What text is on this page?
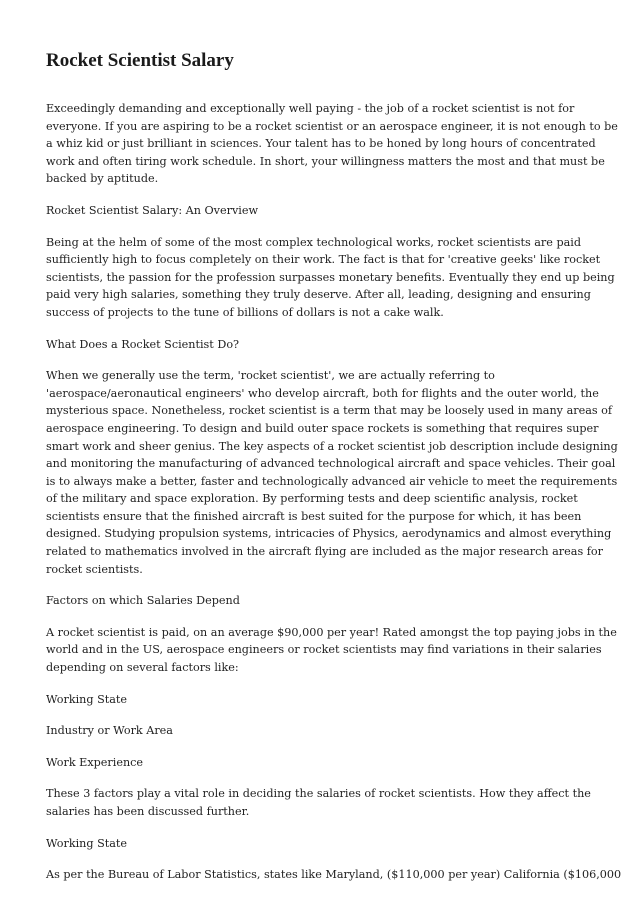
Rocket Scientist Salary

Exceedingly demanding and exceptionally well paying - the job of a rocket scientist is not for
everyone. If you are aspiring to be a rocket scientist or an aerospace engineer, it is not enough to be
a whiz kid or just brilliant in sciences. Your talent has to be honed by long hours of concentrated
work and often tiring work schedule. In short, your willingness matters the most and that must be
backed by aptitude.

Rocket Scientist Salary: An Overview

Being at the helm of some of the most complex technological works, rocket scientists are paid
sufficiently high to focus completely on their work. The fact is that for 'creative geeks' like rocket
scientists, the passion for the profession surpasses monetary benefits. Eventually they end up being
paid very high salaries, something they truly deserve. After all, leading, designing and ensuring
success of projects to the tune of billions of dollars is not a cake walk.

What Does a Rocket Scientist Do?

When we generally use the term, 'rocket scientist', we are actually referring to
'aerospace/aeronautical engineers' who develop aircraft, both for flights and the outer world, the
mysterious space. Nonetheless, rocket scientist is a term that may be loosely used in many areas of
aerospace engineering. To design and build outer space rockets is something that requires super
smart work and sheer genius. The key aspects of a rocket scientist job description include designing
and monitoring the manufacturing of advanced technological aircraft and space vehicles. Their goal
is to always make a better, faster and technologically advanced air vehicle to meet the requirements
of the military and space exploration. By performing tests and deep scientific analysis, rocket
scientists ensure that the finished aircraft is best suited for the purpose for which, it has been
designed. Studying propulsion systems, intricacies of Physics, aerodynamics and almost everything
related to mathematics involved in the aircraft flying are included as the major research areas for
rocket scientists.

Factors on which Salaries Depend

A rocket scientist is paid, on an average $90,000 per year! Rated amongst the top paying jobs in the
world and in the US, aerospace engineers or rocket scientists may find variations in their salaries
depending on several factors like:

Working State

Industry or Work Area

Work Experience

These 3 factors play a vital role in deciding the salaries of rocket scientists. How they affect the
salaries has been discussed further.

Working State

As per the Bureau of Labor Statistics, states like Maryland, ($110,000 per year) California ($106,000
